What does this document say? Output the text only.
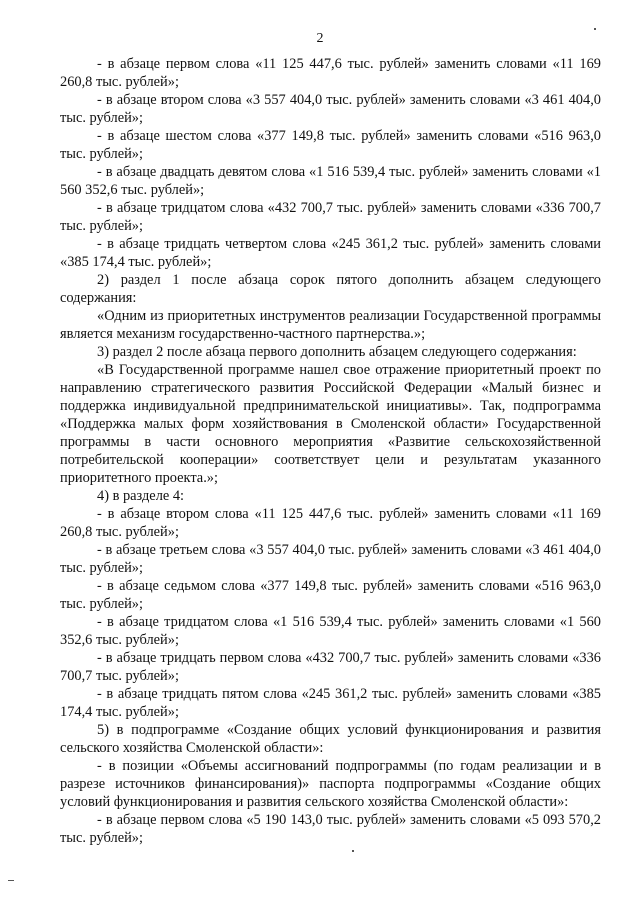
2

- в абзаце первом слова «11 125 447,6 тыс. рублей» заменить словами «11 169 260,8 тыс. рублей»;

- в абзаце втором слова «3 557 404,0 тыс. рублей» заменить словами «3 461 404,0 тыс. рублей»;

- в абзаце шестом слова «377 149,8 тыс. рублей» заменить словами «516 963,0 тыс. рублей»;

- в абзаце двадцать девятом слова «1 516 539,4 тыс. рублей» заменить словами «1 560 352,6 тыс. рублей»;

- в абзаце тридцатом слова «432 700,7 тыс. рублей» заменить словами «336 700,7 тыс. рублей»;

- в абзаце тридцать четвертом слова «245 361,2 тыс. рублей» заменить словами «385 174,4 тыс. рублей»;

2) раздел 1 после абзаца сорок пятого дополнить абзацем следующего содержания:

«Одним из приоритетных инструментов реализации Государственной программы является механизм государственно-частного партнерства.»;

3) раздел 2 после абзаца первого дополнить абзацем следующего содержания:

«В Государственной программе нашел свое отражение приоритетный проект по направлению стратегического развития Российской Федерации «Малый бизнес и поддержка индивидуальной предпринимательской инициативы». Так, подпрограмма «Поддержка малых форм хозяйствования в Смоленской области» Государственной программы в части основного мероприятия «Развитие сельскохозяйственной потребительской кооперации» соответствует цели и результатам указанного приоритетного проекта.»;

4) в разделе 4:

- в абзаце втором слова «11 125 447,6 тыс. рублей» заменить словами «11 169 260,8 тыс. рублей»;

- в абзаце третьем слова «3 557 404,0 тыс. рублей» заменить словами «3 461 404,0 тыс. рублей»;

- в абзаце седьмом слова «377 149,8 тыс. рублей» заменить словами «516 963,0 тыс. рублей»;

- в абзаце тридцатом слова «1 516 539,4 тыс. рублей» заменить словами «1 560 352,6 тыс. рублей»;

- в абзаце тридцать первом слова «432 700,7 тыс. рублей» заменить словами «336 700,7 тыс. рублей»;

- в абзаце тридцать пятом слова «245 361,2 тыс. рублей» заменить словами «385 174,4 тыс. рублей»;

5) в подпрограмме «Создание общих условий функционирования и развития сельского хозяйства Смоленской области»:

- в позиции «Объемы ассигнований подпрограммы (по годам реализации и в разрезе источников финансирования)» паспорта подпрограммы «Создание общих условий функционирования и развития сельского хозяйства Смоленской области»:

- в абзаце первом слова «5 190 143,0 тыс. рублей» заменить словами «5 093 570,2 тыс. рублей»;
